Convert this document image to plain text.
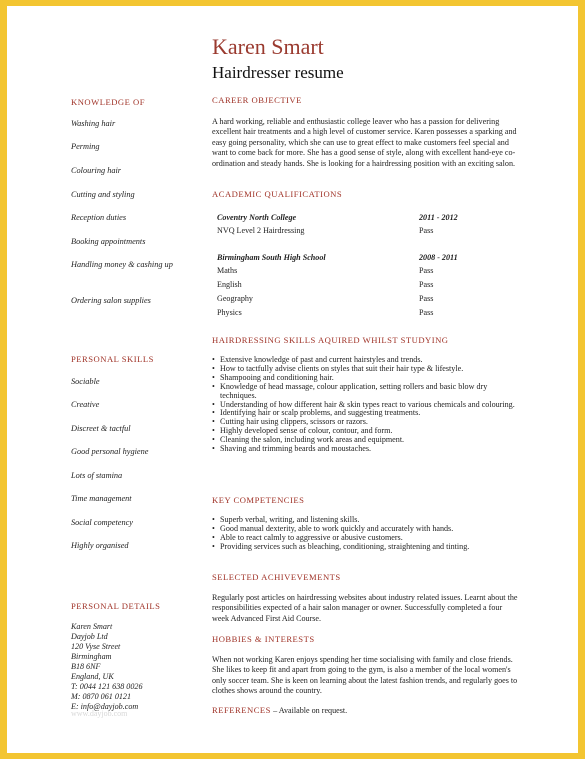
Karen Smart
Hairdresser resume
KNOWLEDGE OF
Washing hair
Perming
Colouring hair
Cutting and styling
Reception duties
Booking appointments
Handling money & cashing up
Ordering salon supplies
PERSONAL SKILLS
Sociable
Creative
Discreet & tactful
Good personal hygiene
Lots of stamina
Time management
Social competency
Highly organised
PERSONAL DETAILS
Karen Smart
Dayjob Ltd
120 Vyse Street
Birmingham
B18 6NF
England, UK
T: 0044 121 638 0026
M: 0870 061 0121
E: info@dayjob.com
www.dayjob.com
CAREER OBJECTIVE
A hard working, reliable and enthusiastic college leaver who has a passion for delivering excellent hair treatments and a high level of customer service. Karen possesses a sparking and easy going personality, which she can use to great effect to make customers feel special and want to come back for more. She has a good sense of style, along with excellent hand-eye co-ordination and steady hands. She is looking for a hairdressing position with an exciting salon.
ACADEMIC QUALIFICATIONS
Coventry North College	2011 - 2012
NVQ Level 2 Hairdressing	Pass
Birmingham South High School	2008 - 2011
Maths	Pass
English	Pass
Geography	Pass
Physics	Pass
HAIRDRESSING SKILLS AQUIRED WHILST STUDYING
• Extensive knowledge of past and current hairstyles and trends.
• How to tactfully advise clients on styles that suit their hair type & lifestyle.
• Shampooing and conditioning hair.
• Knowledge of head massage, colour application, setting rollers and basic blow dry techniques.
• Understanding of how different hair & skin types react to various chemicals and colouring.
• Identifying hair or scalp problems, and suggesting treatments.
• Cutting hair using clippers, scissors or razors.
• Highly developed sense of colour, contour, and form.
• Cleaning the salon, including work areas and equipment.
• Shaving and trimming beards and moustaches.
KEY COMPETENCIES
• Superb verbal, writing, and listening skills.
• Good manual dexterity, able to work quickly and accurately with hands.
• Able to react calmly to aggressive or abusive customers.
• Providing services such as bleaching, conditioning, straightening and tinting.
SELECTED ACHIVEVEMENTS
Regularly post articles on hairdressing websites about industry related issues. Learnt about the responsibilities expected of a hair salon manager or owner. Successfully completed a four week Advanced First Aid Course.
HOBBIES & INTERESTS
When not working Karen enjoys spending her time socialising with family and close friends. She likes to keep fit and apart from going to the gym, is also a member of the local women's only soccer team. She is keen on learning about the latest fashion trends, and regularly goes to clothes shows around the country.
REFERENCES – Available on request.
